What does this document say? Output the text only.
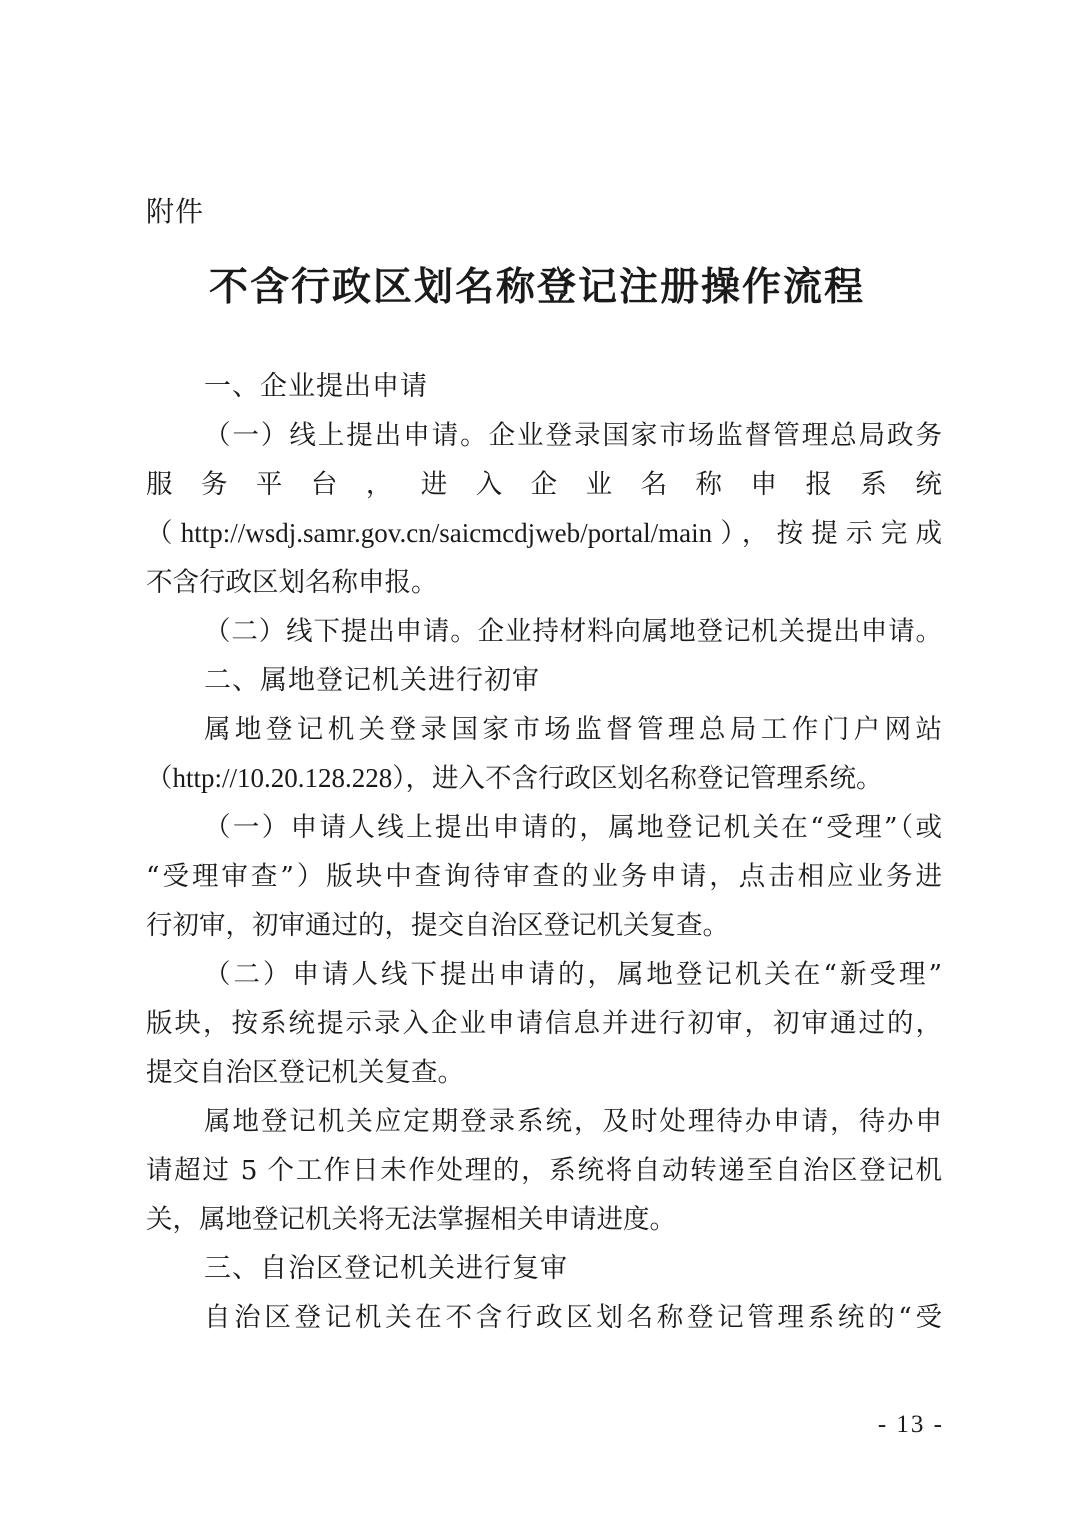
附件
不含行政区划名称登记注册操作流程
一、企业提出申请
（一）线上提出申请。企业登录国家市场监督管理总局政务
服 务 平 台 ， 进 入 企 业 名 称 申 报 系 统
（http://wsdj.samr.gov.cn/saicmcdjweb/portal/main），按提示完成
不含行政区划名称申报。
（二）线下提出申请。企业持材料向属地登记机关提出申请。
二、属地登记机关进行初审
属地登记机关登录国家市场监督管理总局工作门户网站
（http://10.20.128.228），进入不含行政区划名称登记管理系统。
（一）申请人线上提出申请的，属地登记机关在“受理”（或
“受理审查”）版块中查询待审查的业务申请，点击相应业务进
行初审，初审通过的，提交自治区登记机关复查。
（二）申请人线下提出申请的，属地登记机关在“新受理”
版块，按系统提示录入企业申请信息并进行初审，初审通过的，
提交自治区登记机关复查。
属地登记机关应定期登录系统，及时处理待办申请，待办申
请超过 5 个工作日未作处理的，系统将自动转递至自治区登记机
关，属地登记机关将无法掌握相关申请进度。
三、自治区登记机关进行复审
自治区登记机关在不含行政区划名称登记管理系统的“受
- 13 -
